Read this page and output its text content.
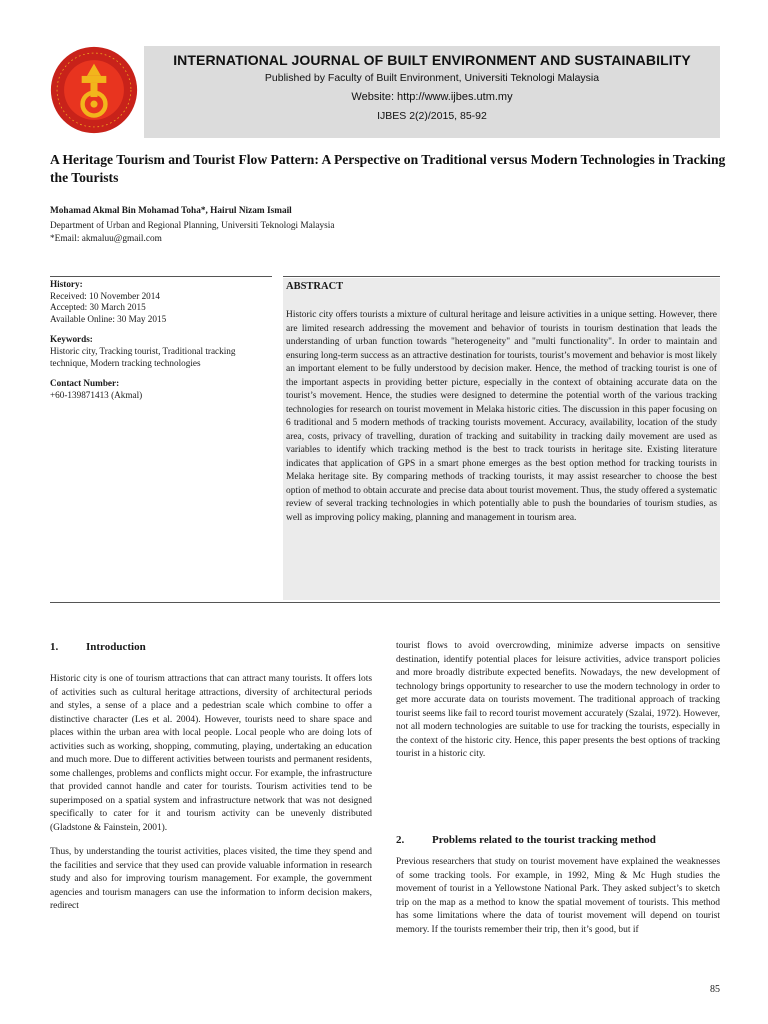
INTERNATIONAL JOURNAL OF BUILT ENVIRONMENT AND SUSTAINABILITY
Published by Faculty of Built Environment, Universiti Teknologi Malaysia
Website: http://www.ijbes.utm.my
IJBES 2(2)/2015, 85-92
A Heritage Tourism and Tourist Flow Pattern: A Perspective on Traditional versus Modern Technologies in Tracking the Tourists
Mohamad Akmal Bin Mohamad Toha*, Hairul Nizam Ismail
Department of Urban and Regional Planning, Universiti Teknologi Malaysia
*Email: akmaluu@gmail.com
History:
Received: 10 November 2014
Accepted: 30 March 2015
Available Online: 30 May 2015
Keywords:
Historic city, Tracking tourist, Traditional tracking technique, Modern tracking technologies
Contact Number:
+60-139871413 (Akmal)
ABSTRACT

Historic city offers tourists a mixture of cultural heritage and leisure activities in a unique setting. However, there are limited research addressing the movement and behavior of tourists in tourism destination that leads the understanding of urban function towards "heterogeneity" and "multi functionality". In order to maintain and ensuring long-term success as an attractive destination for tourists, tourist’s movement and behavior is most likely an important element to be fully understood by decision maker. Hence, the method of tracking tourist is one of the important aspects in providing better picture, especially in the context of obtaining accurate data on the tourist’s movement. Hence, the studies were designed to determine the potential worth of the various tracking technologies for research on tourist movement in Melaka historic cities. The discussion in this paper focusing on 6 traditional and 5 modern methods of tracking tourists movement. Accuracy, availability, location of the study area, costs, privacy of travelling, duration of tracking and suitability in tracking daily movement are used as variables to identify which tracking method is the best to track tourists in heritage site. Existing literature indicates that application of GPS in a smart phone emerges as the best option method for tracking tourists in Melaka heritage site. By comparing methods of tracking tourists, it may assist researcher to choose the best option of method to obtain accurate and precise data about tourist movement. Thus, the study offered a systematic review of several tracking technologies in which potentially able to push the boundaries of tourism studies, as well as improving policy making, planning and management in tourism area.

1.	Introduction

Historic city is one of tourism attractions that can attract many tourists. It offers lots of activities such as cultural heritage attractions, diversity of architectural periods and styles, a sense of a place and a pedestrian scale which combine to offer a distinctive character (Les et al. 2004). However, tourists need to share space and places within the urban area with local people. Local people who are doing lots of activities such as working, shopping, commuting, playing, undertaking an education and much more. Due to different activities between tourists and permanent residents, some challenges, problems and conflicts might occur. For example, the infrastructure that provided cannot handle and cater for tourists. Tourism activities tend to be superimposed on a spatial system and infrastructure network that was not designed specifically to cater for it and tourism activity can be unevenly distributed (Gladstone & Fainstein, 2001).

Thus, by understanding the tourist activities, places visited, the time they spend and the facilities and service that they used can provide valuable information in research study and also for improving tourism management. For example, the government agencies and tourism managers can use the information to inform decision makers, redirect

tourist flows to avoid overcrowding, minimize adverse impacts on sensitive destination, identify potential places for leisure activities, advice transport policies and more broadly distribute expected benefits. Nowadays, the new development of technology brings opportunity to researcher to use the modern technology in order to get more accurate data on tourists movement. The traditional approach of tracking tourist seems like fail to record tourist movement accurately (Szalai, 1972). However, not all modern technologies are suitable to use for tracking the tourists, especially in the context of the historic city. Hence, this paper presents the best options of tracking tourist in a historic city.

2.	Problems related to the tourist tracking method

Previous researchers that study on tourist movement have explained the weaknesses of some tracking tools. For example, in 1992, Ming & Mc Hugh studies the movement of tourist in a Yellowstone National Park. They asked subject’s to sketch trip on the map as a method to know the spatial movement of tourists. This method has some limitations where the data of tourist movement will depend on tourist memory. If the tourists remember their trip, then it’s good, but if

85
